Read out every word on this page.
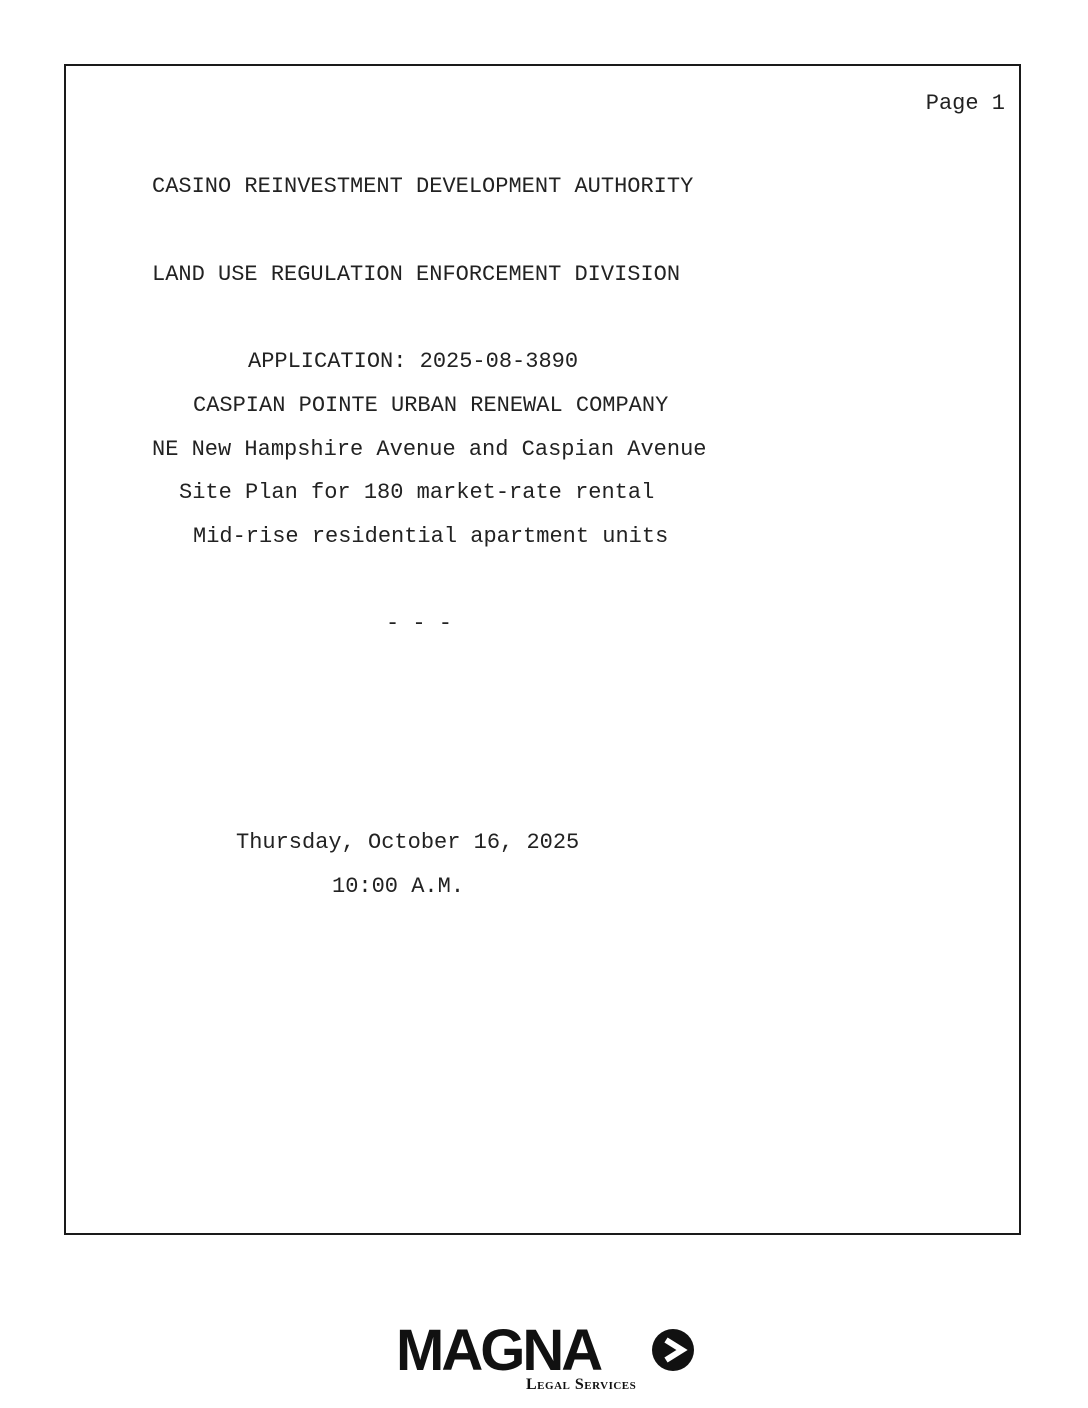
Page 1

CASINO REINVESTMENT DEVELOPMENT AUTHORITY

LAND USE REGULATION ENFORCEMENT DIVISION

APPLICATION: 2025-08-3890

CASPIAN POINTE URBAN RENEWAL COMPANY

NE New Hampshire Avenue and Caspian Avenue

Site Plan for 180 market-rate rental

Mid-rise residential apartment units

- - -

Thursday, October 16, 2025

10:00 A.M.

MAGNA
Legal Services
